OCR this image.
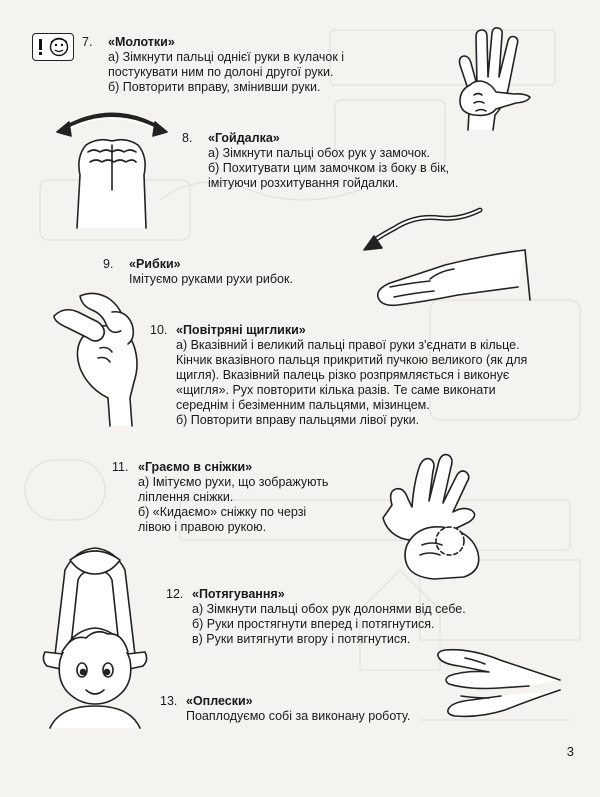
7. «Молотки»
а) Зімкнути пальці однієї руки в кулачок і
постукувати ним по долоні другої руки.
б) Повторити вправу, змінивши руки.
8. «Гойдалка»
а) Зімкнути пальці обох рук у замочок.
б) Похитувати цим замочком із боку в бік,
імітуючи розхитування гойдалки.
9. «Рибки»
Імітуємо руками рухи рибок.
10. «Повітряні щиглики»
а) Вказівний і великий пальці правої руки з'єднати в кільце.
Кінчик вказівного пальця прикритий пучкою великого (як для
щигля). Вказівний палець різко розпрямляється і виконує
«щигля». Рух повторити кілька разів. Те саме виконати
середнім і безіменним пальцями, мізинцем.
б) Повторити вправу пальцями лівої руки.
11. «Граємо в сніжки»
а) Імітуємо рухи, що зображують
ліплення сніжки.
б) «Кидаємо» сніжку по черзі
лівою і правою рукою.
12. «Потягування»
а) Зімкнути пальці обох рук долонями від себе.
б) Руки простягнути вперед і потягнутися.
в) Руки витягнути вгору і потягнутися.
13. «Оплески»
Поаплодуємо собі за виконану роботу.
3
